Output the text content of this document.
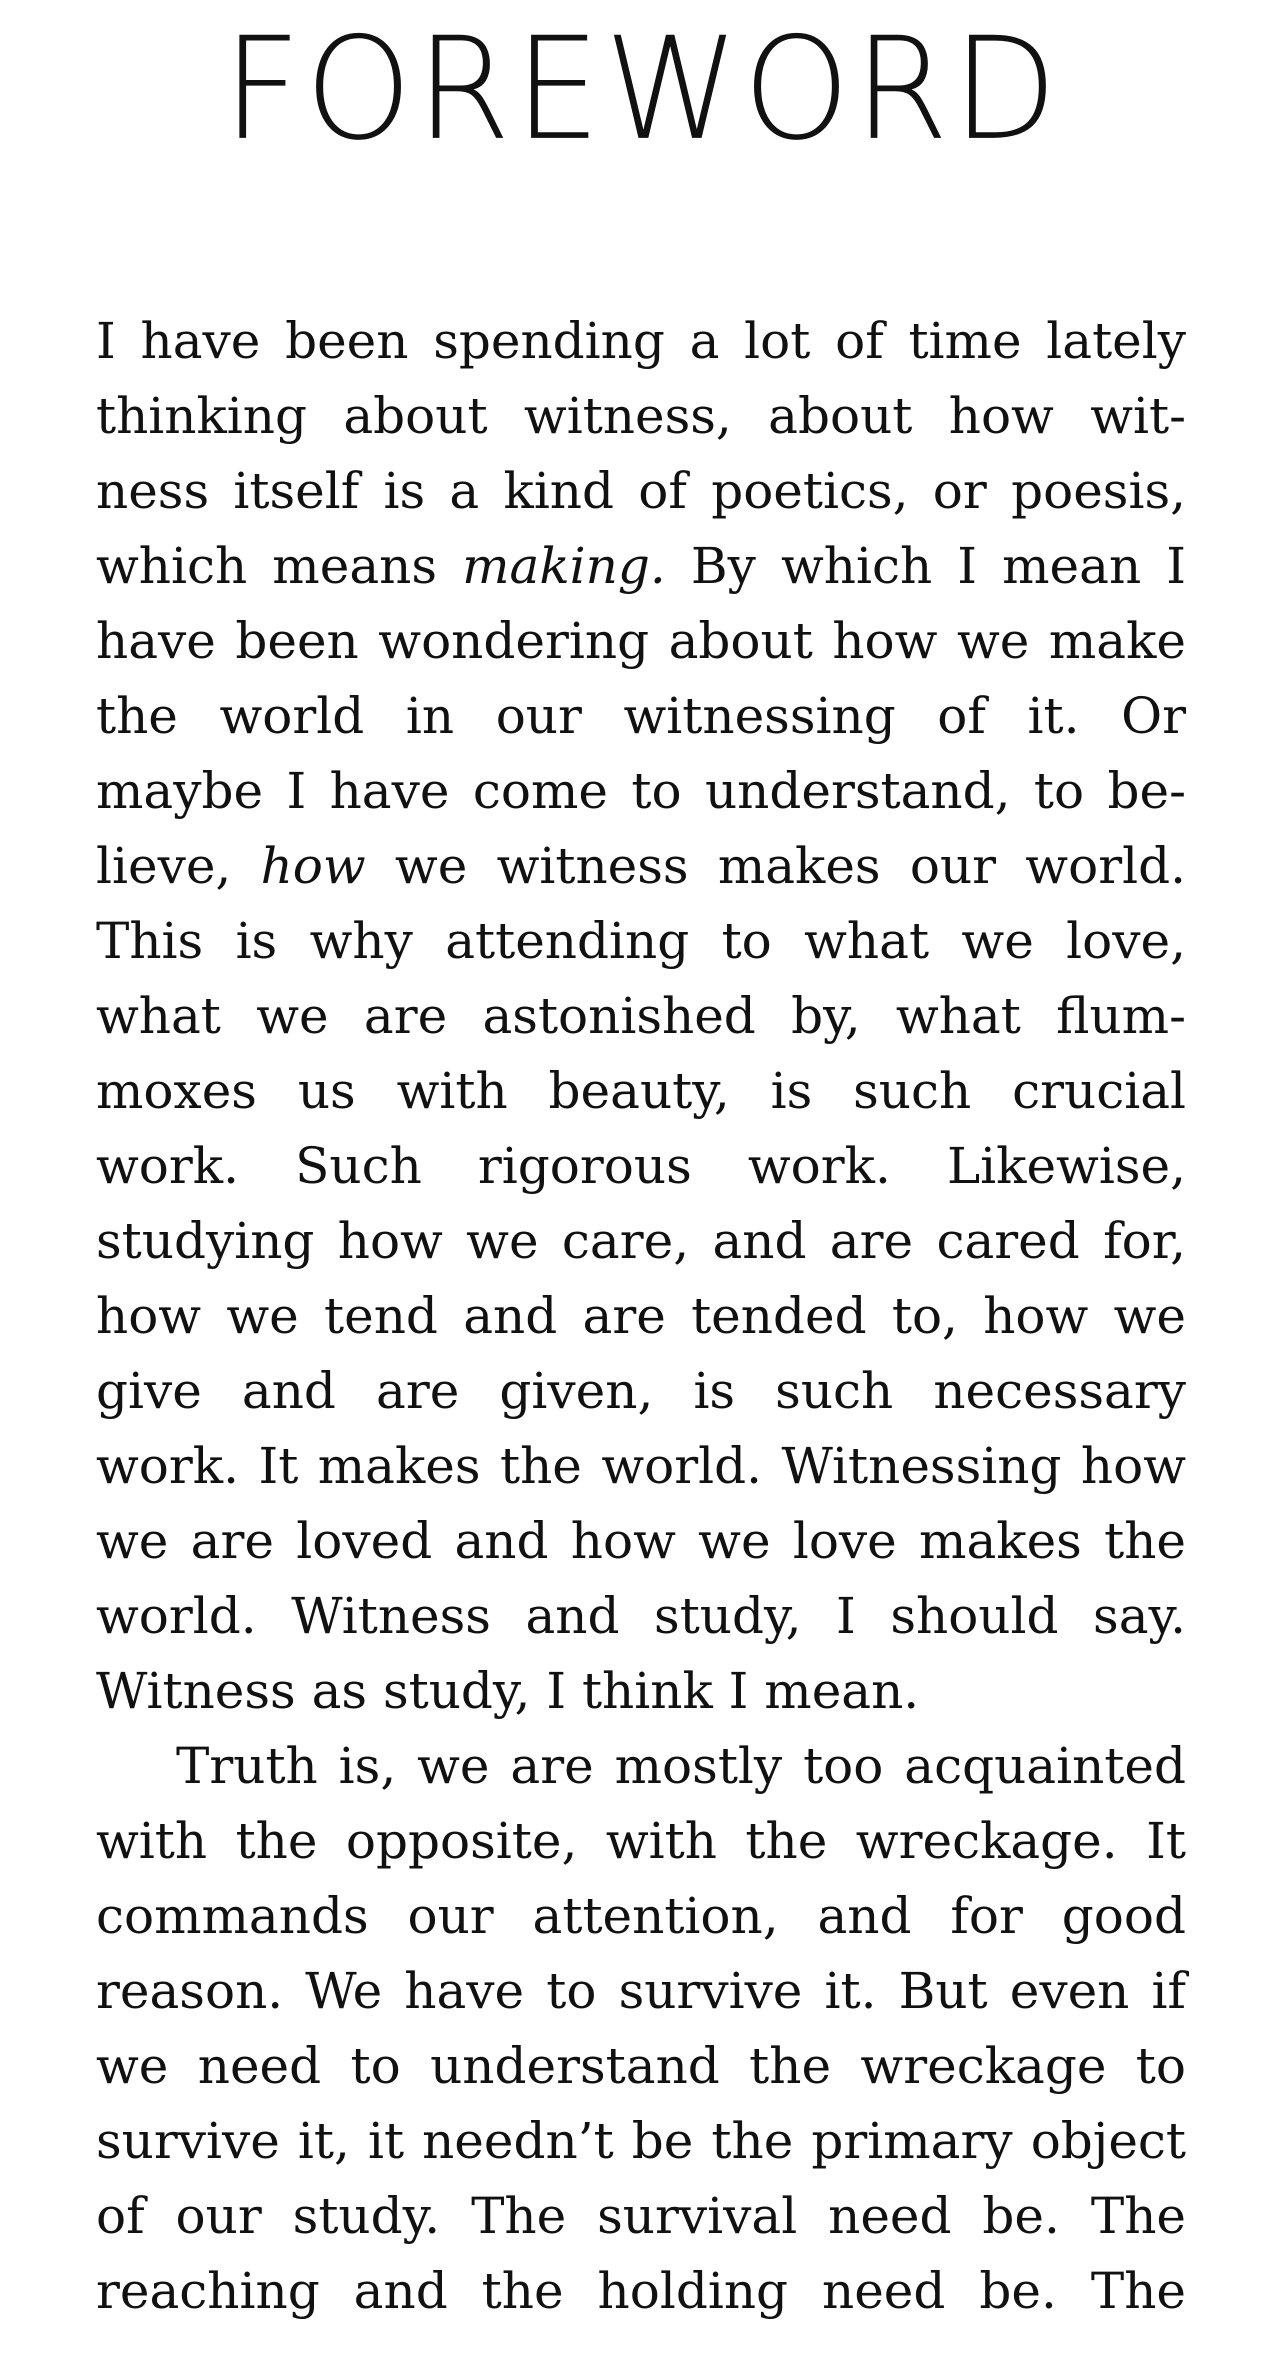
FOREWORD
I have been spending a lot of time lately
thinking about witness, about how wit-
ness itself is a kind of poetics, or poesis,
which means making. By which I mean I
have been wondering about how we make
the world in our witnessing of it. Or
maybe I have come to understand, to be-
lieve, how we witness makes our world.
This is why attending to what we love,
what we are astonished by, what flum-
moxes us with beauty, is such crucial
work. Such rigorous work. Likewise,
studying how we care, and are cared for,
how we tend and are tended to, how we
give and are given, is such necessary
work. It makes the world. Witnessing how
we are loved and how we love makes the
world. Witness and study, I should say.
Witness as study, I think I mean.
Truth is, we are mostly too acquainted
with the opposite, with the wreckage. It
commands our attention, and for good
reason. We have to survive it. But even if
we need to understand the wreckage to
survive it, it needn’t be the primary object
of our study. The survival need be. The
reaching and the holding need be. The
